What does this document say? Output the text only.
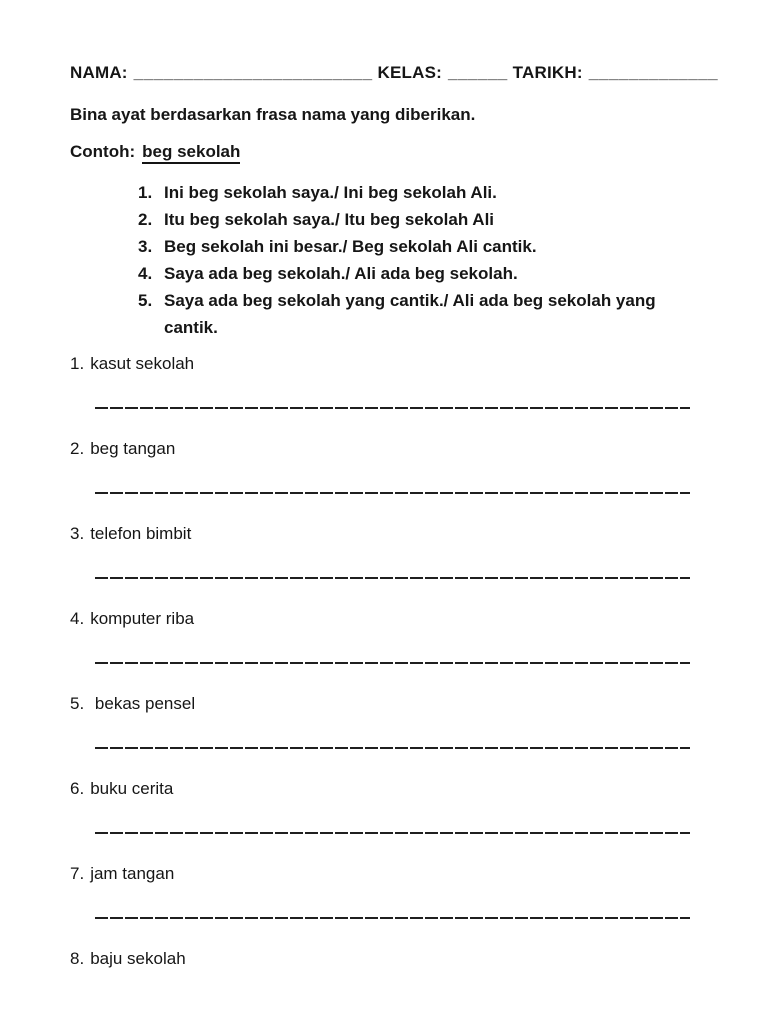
NAMA: ________________________ KELAS: ______ TARIKH: _____________
Bina ayat berdasarkan frasa nama yang diberikan.
Contoh: beg sekolah
1. Ini beg sekolah saya./ Ini beg sekolah Ali.
2. Itu beg sekolah saya./ Itu beg sekolah Ali
3. Beg sekolah ini besar./ Beg sekolah Ali cantik.
4. Saya ada beg sekolah./ Ali ada beg sekolah.
5. Saya ada beg sekolah yang cantik./ Ali ada beg sekolah yang cantik.
1. kasut sekolah
2. beg tangan
3. telefon bimbit
4. komputer riba
5. bekas pensel
6. buku cerita
7. jam tangan
8. baju sekolah
